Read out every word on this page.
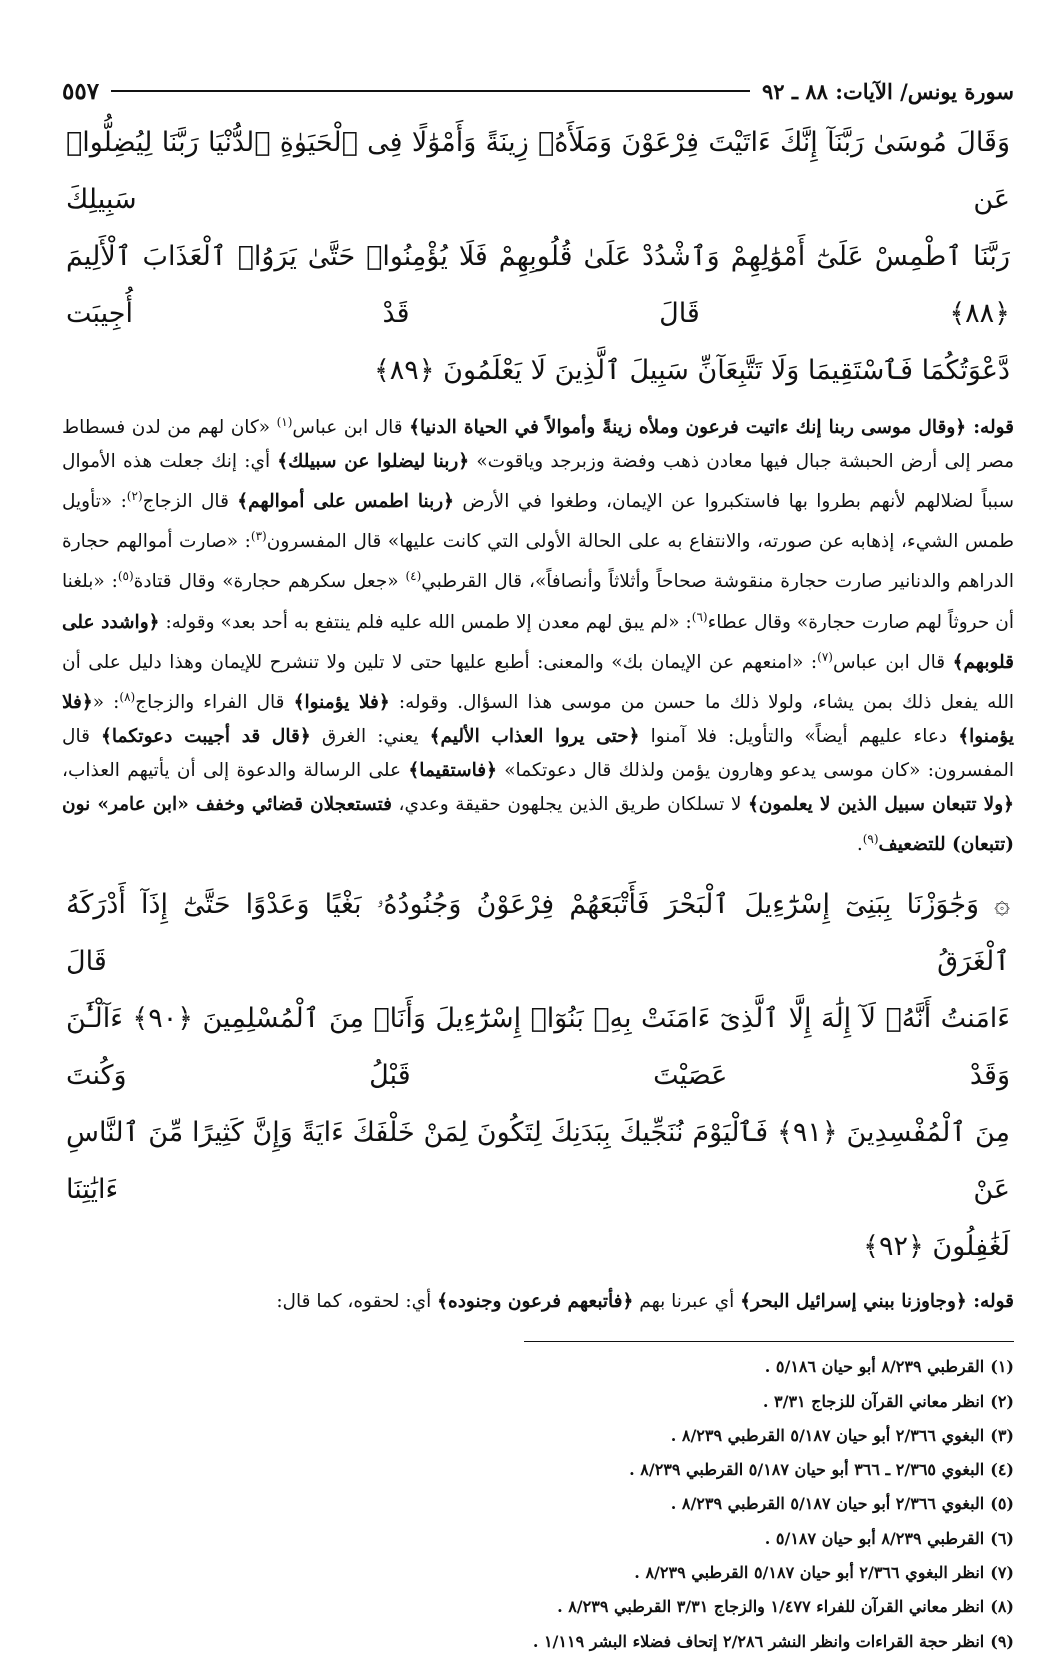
سورة يونس/ الآيات: ٨٨ ـ ٩٢
٥٥٧
وَقَالَ مُوسَىٰ رَبَّنَآ إِنَّكَ ءَاتَيْتَ فِرْعَوْنَ وَمَلَأَهُۥ زِينَةً وَأَمْوَٰلًا فِى ٱلْحَيَوٰةِ ٱلدُّنْيَا رَبَّنَا لِيُضِلُّوا۟ عَن سَبِيلِكَ
رَبَّنَا ٱطْمِسْ عَلَىٰٓ أَمْوَٰلِهِمْ وَٱشْدُدْ عَلَىٰ قُلُوبِهِمْ فَلَا يُؤْمِنُوا۟ حَتَّىٰ يَرَوُا۟ ٱلْعَذَابَ ٱلْأَلِيمَ ﴿٨٨﴾ قَالَ قَدْ أُجِيبَت
دَّعْوَتُكُمَا فَٱسْتَقِيمَا وَلَا تَتَّبِعَآنِّ سَبِيلَ ٱلَّذِينَ لَا يَعْلَمُونَ ﴿٨٩﴾

قوله: ﴿وقال موسى ربنا إنك ءاتيت فرعون وملأه زينةً وأموالاً في الحياة الدنيا﴾ قال ابن عباس$^{(١)}$ «كان لهم من لدن فسطاط مصر إلى أرض الحبشة جبال فيها معادن ذهب وفضة وزبرجد وياقوت» ﴿ربنا ليضلوا عن سبيلك﴾ أي: إنك جعلت هذه الأموال سبباً لضلالهم لأنهم بطروا بها فاستكبروا عن الإيمان، وطغوا في الأرض ﴿ربنا اطمس على أموالهم﴾ قال الزجاج$^{(٢)}$: «تأويل طمس الشيء، إذهابه عن صورته، والانتفاع به على الحالة الأولى التي كانت عليها» قال المفسرون$^{(٣)}$: «صارت أموالهم حجارة الدراهم والدنانير صارت حجارة منقوشة صحاحاً وأثلاثاً وأنصافاً»، قال القرطبي$^{(٤)}$ «جعل سكرهم حجارة» وقال قتادة$^{(٥)}$: «بلغنا أن حروثاً لهم صارت حجارة» وقال عطاء$^{(٦)}$: «لم يبق لهم معدن إلا طمس الله عليه فلم ينتفع به أحد بعد» وقوله: ﴿واشدد على قلوبهم﴾ قال ابن عباس$^{(٧)}$: «امنعهم عن الإيمان بك» والمعنى: أطبع عليها حتى لا تلين ولا تنشرح للإيمان وهذا دليل على أن الله يفعل ذلك بمن يشاء، ولولا ذلك ما حسن من موسى هذا السؤال. وقوله: ﴿فلا يؤمنوا﴾ قال الفراء والزجاج$^{(٨)}$: «﴿فلا يؤمنوا﴾ دعاء عليهم أيضاً» والتأويل: فلا آمنوا ﴿حتى يروا العذاب الأليم﴾ يعني: الغرق ﴿قال قد أجيبت دعوتكما﴾ قال المفسرون: «كان موسى يدعو وهارون يؤمن ولذلك قال دعوتكما» ﴿فاستقيما﴾ على الرسالة والدعوة إلى أن يأتيهم العذاب، ﴿ولا تتبعان سبيل الذين لا يعلمون﴾ لا تسلكان طريق الذين يجلهون حقيقة وعدي، فتستعجلان قضائي وخفف «ابن عامر» نون (تتبعان) للتضعيف$^{(٩)}$.

۞ وَجَٰوَزْنَا بِبَنِىٓ إِسْرَٰٓءِيلَ ٱلْبَحْرَ فَأَتْبَعَهُمْ فِرْعَوْنُ وَجُنُودُهُۥ بَغْيًا وَعَدْوًا حَتَّىٰٓ إِذَآ أَدْرَكَهُ ٱلْغَرَقُ قَالَ
ءَامَنتُ أَنَّهُۥ لَآ إِلَٰهَ إِلَّا ٱلَّذِىٓ ءَامَنَتْ بِهِۦ بَنُوٓا۟ إِسْرَٰٓءِيلَ وَأَنَا۠ مِنَ ٱلْمُسْلِمِينَ ﴿٩٠﴾ ءَآلْـَٰٔنَ وَقَدْ عَصَيْتَ قَبْلُ وَكُنتَ
مِنَ ٱلْمُفْسِدِينَ ﴿٩١﴾ فَٱلْيَوْمَ نُنَجِّيكَ بِبَدَنِكَ لِتَكُونَ لِمَنْ خَلْفَكَ ءَايَةً وَإِنَّ كَثِيرًا مِّنَ ٱلنَّاسِ عَنْ ءَايَٰتِنَا
لَغَٰفِلُونَ ﴿٩٢﴾

قوله: ﴿وجاوزنا ببني إسرائيل البحر﴾ أي عبرنا بهم ﴿فأتبعهم فرعون وجنوده﴾ أي: لحقوه، كما قال:

(١)القرطبي ٨/٢٣٩ أبو حيان ٥/١٨٦ .
(٢)انظر معاني القرآن للزجاج ٣/٣١ .
(٣)البغوي ٢/٣٦٦ أبو حيان ٥/١٨٧ القرطبي ٨/٢٣٩ .
(٤)البغوي ٢/٣٦٥ ـ ٣٦٦ أبو حيان ٥/١٨٧ القرطبي ٨/٢٣٩ .
(٥)البغوي ٢/٣٦٦ أبو حيان ٥/١٨٧ القرطبي ٨/٢٣٩ .
(٦)القرطبي ٨/٢٣٩ أبو حيان ٥/١٨٧ .
(٧)انظر البغوي ٢/٣٦٦ أبو حيان ٥/١٨٧ القرطبي ٨/٢٣٩ .
(٨)انظر معاني القرآن للفراء ١/٤٧٧ والزجاج ٣/٣١ القرطبي ٨/٢٣٩ .
(٩)انظر حجة القراءات وانظر النشر ٢/٢٨٦ إتحاف فضلاء البشر ١/١١٩ .
